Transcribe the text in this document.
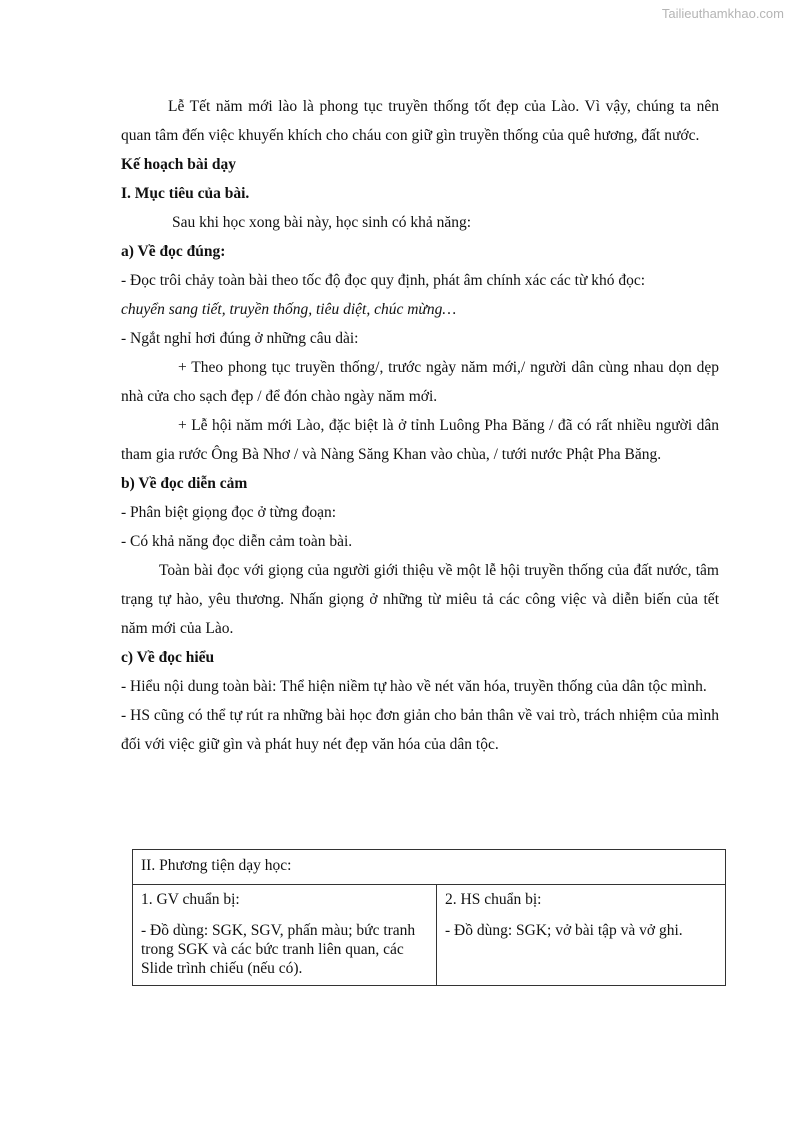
Tailieuthamkhao.com

Lễ Tết năm mới lào là phong tục truyền thống tốt đẹp của Lào. Vì vậy, chúng ta nên quan tâm đến việc khuyến khích cho cháu con giữ gìn truyền thống của quê hương, đất nước.

Kế hoạch bài dạy

I. Mục tiêu của bài.

Sau khi học xong bài này, học sinh có khả năng:

a) Về đọc đúng:

- Đọc trôi chảy toàn bài theo tốc độ đọc quy định, phát âm chính xác các từ khó đọc:

chuyển sang tiết, truyền thống, tiêu diệt, chúc mừng…

- Ngắt nghỉ hơi đúng ở những câu dài:

+ Theo phong tục truyền thống/, trước ngày năm mới,/ người dân cùng nhau dọn dẹp nhà cửa cho sạch đẹp / để đón chào ngày năm mới.

+ Lễ hội năm mới Lào, đặc biệt là ở tỉnh Luông Pha Băng / đã có rất nhiều người dân tham gia rước Ông Bà Nhơ / và Nàng Săng Khan vào chùa, / tưới nước Phật Pha Băng.

b) Về đọc diễn cảm

- Phân biệt giọng đọc ở từng đoạn:

- Có khả năng đọc diễn cảm toàn bài.

Toàn bài đọc với giọng của người giới thiệu về một lễ hội truyền thống của đất nước, tâm trạng tự hào, yêu thương. Nhấn giọng ở những từ miêu tả các công việc và diễn biến của tết năm mới của Lào.

c) Về đọc hiểu

- Hiểu nội dung toàn bài: Thể hiện niềm tự hào về nét văn hóa, truyền thống của dân tộc mình.

- HS cũng có thể tự rút ra những bài học đơn giản cho bản thân về vai trò, trách nhiệm của mình đối với việc giữ gìn và phát huy nét đẹp văn hóa của dân tộc.

II. Phương tiện dạy học:

1. GV chuẩn bị:

- Đồ dùng: SGK, SGV, phấn màu; bức tranh trong SGK và các bức tranh liên quan, các Slide trình chiếu (nếu có).

2. HS chuẩn bị:

- Đồ dùng: SGK; vở bài tập và vở ghi.
